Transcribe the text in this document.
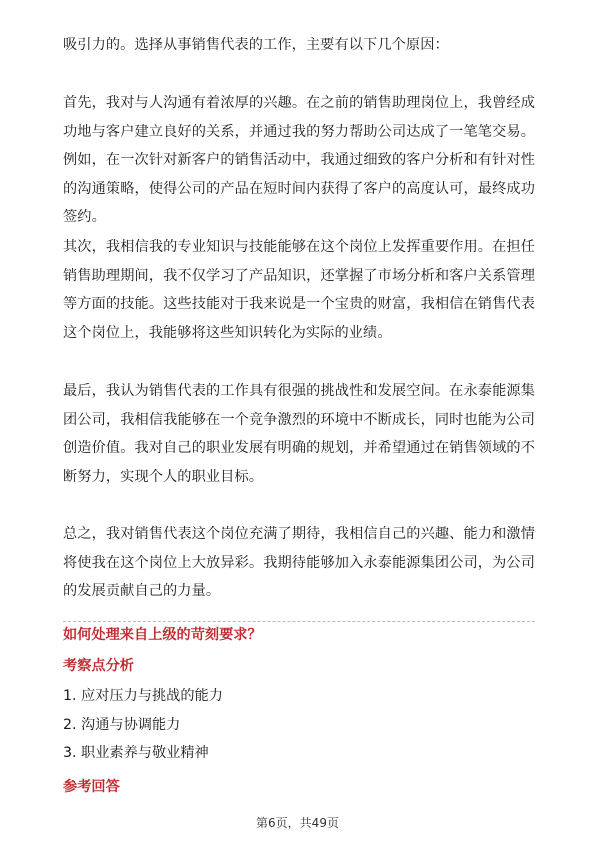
吸引力的。选择从事销售代表的工作，主要有以下几个原因：

首先，我对与人沟通有着浓厚的兴趣。在之前的销售助理岗位上，我曾经成功地与客户建立良好的关系，并通过我的努力帮助公司达成了一笔笔交易。例如，在一次针对新客户的销售活动中，我通过细致的客户分析和有针对性的沟通策略，使得公司的产品在短时间内获得了客户的高度认可，最终成功签约。

其次，我相信我的专业知识与技能能够在这个岗位上发挥重要作用。在担任销售助理期间，我不仅学习了产品知识，还掌握了市场分析和客户关系管理等方面的技能。这些技能对于我来说是一个宝贵的财富，我相信在销售代表这个岗位上，我能够将这些知识转化为实际的业绩。

最后，我认为销售代表的工作具有很强的挑战性和发展空间。在永泰能源集团公司，我相信我能够在一个竞争激烈的环境中不断成长，同时也能为公司创造价值。我对自己的职业发展有明确的规划，并希望通过在销售领域的不断努力，实现个人的职业目标。

总之，我对销售代表这个岗位充满了期待，我相信自己的兴趣、能力和激情将使我在这个岗位上大放异彩。我期待能够加入永泰能源集团公司，为公司的发展贡献自己的力量。

如何处理来自上级的苛刻要求？
考察点分析
1. 应对压力与挑战的能力
2. 沟通与协调能力
3. 职业素养与敬业精神
参考回答
第6页，共49页
